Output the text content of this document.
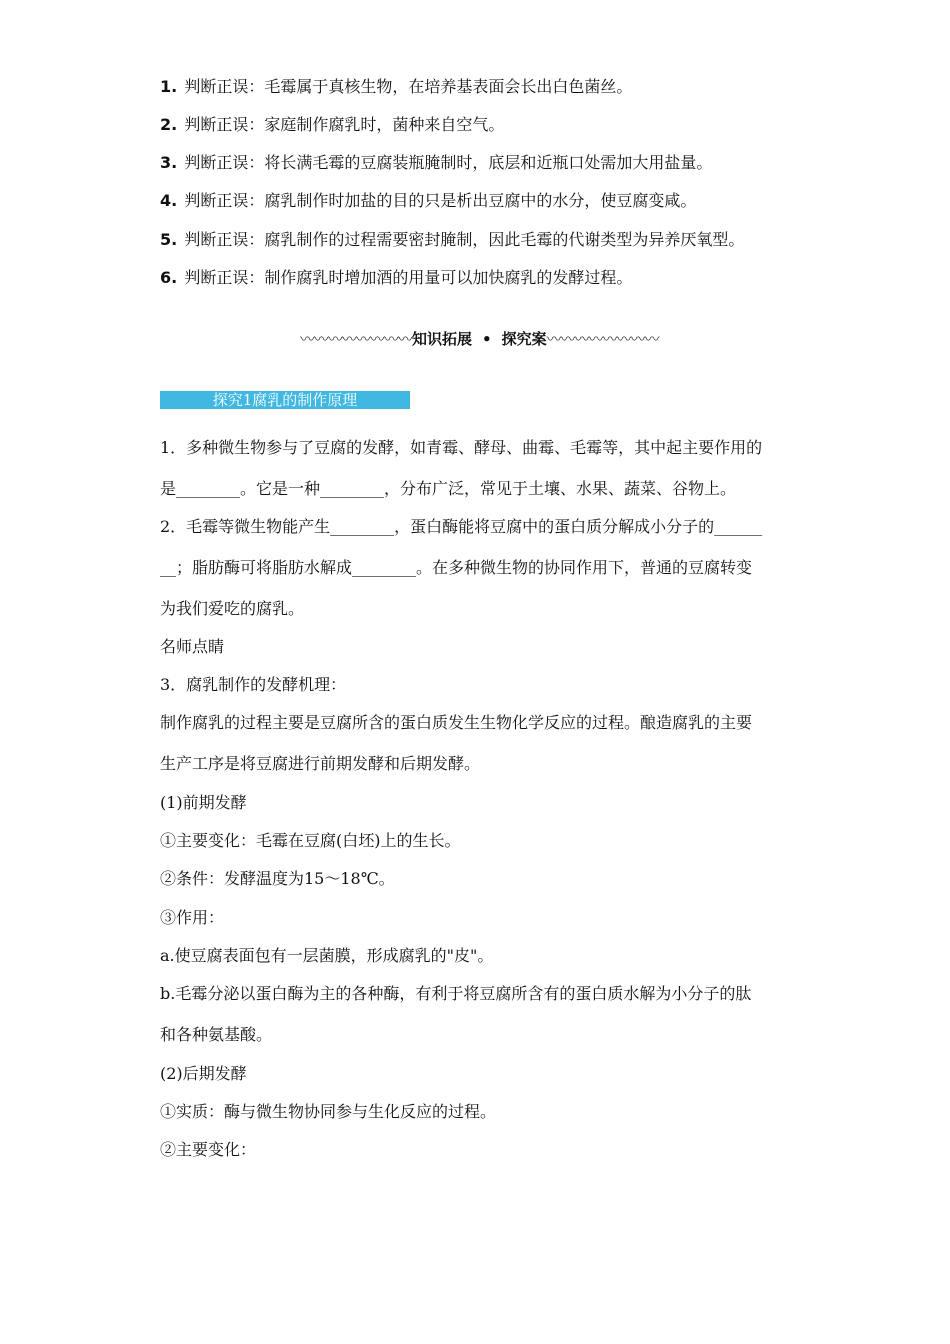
1. 判断正误：毛霉属于真核生物，在培养基表面会长出白色菌丝。
2. 判断正误：家庭制作腐乳时，菌种来自空气。
3. 判断正误：将长满毛霉的豆腐装瓶腌制时，底层和近瓶口处需加大用盐量。
4. 判断正误：腐乳制作时加盐的目的只是析出豆腐中的水分，使豆腐变咸。
5. 判断正误：腐乳制作的过程需要密封腌制，因此毛霉的代谢类型为异养厌氧型。
6. 判断正误：制作腐乳时增加酒的用量可以加快腐乳的发酵过程。
〰〰〰〰〰〰〰〰知识拓展 • 探究案〰〰〰〰〰〰〰〰
探究1腐乳的制作原理
1．多种微生物参与了豆腐的发酵，如青霉、酵母、曲霉、毛霉等，其中起主要作用的
是________。它是一种________，分布广泛，常见于土壤、水果、蔬菜、谷物上。
2．毛霉等微生物能产生________，蛋白酶能将豆腐中的蛋白质分解成小分子的______
__；脂肪酶可将脂肪水解成________。在多种微生物的协同作用下，普通的豆腐转变
为我们爱吃的腐乳。
名师点睛
3．腐乳制作的发酵机理：
制作腐乳的过程主要是豆腐所含的蛋白质发生生物化学反应的过程。酿造腐乳的主要
生产工序是将豆腐进行前期发酵和后期发酵。
(1)前期发酵
①主要变化：毛霉在豆腐(白坯)上的生长。
②条件：发酵温度为15～18℃。
③作用：
a.使豆腐表面包有一层菌膜，形成腐乳的"皮"。
b.毛霉分泌以蛋白酶为主的各种酶，有利于将豆腐所含有的蛋白质水解为小分子的肽
和各种氨基酸。
(2)后期发酵
①实质：酶与微生物协同参与生化反应的过程。
②主要变化：
